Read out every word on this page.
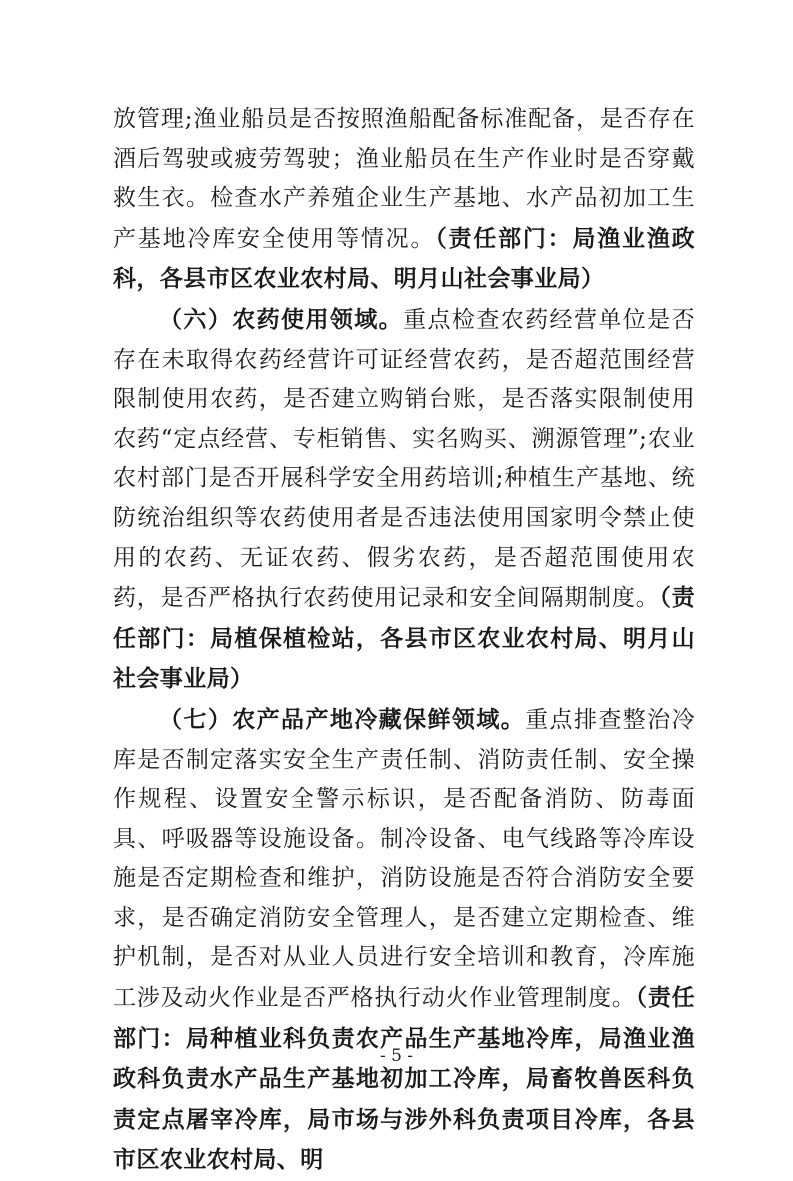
放管理;渔业船员是否按照渔船配备标准配备，是否存在酒后驾驶或疲劳驾驶；渔业船员在生产作业时是否穿戴救生衣。检查水产养殖企业生产基地、水产品初加工生产基地冷库安全使用等情况。（责任部门：局渔业渔政科，各县市区农业农村局、明月山社会事业局）

（六）农药使用领域。重点检查农药经营单位是否存在未取得农药经营许可证经营农药，是否超范围经营限制使用农药，是否建立购销台账，是否落实限制使用农药“定点经营、专柜销售、实名购买、溯源管理”;农业农村部门是否开展科学安全用药培训;种植生产基地、统防统治组织等农药使用者是否违法使用国家明令禁止使用的农药、无证农药、假劣农药，是否超范围使用农药，是否严格执行农药使用记录和安全间隔期制度。（责任部门：局植保植检站，各县市区农业农村局、明月山社会事业局）

（七）农产品产地冷藏保鲜领域。重点排查整治冷库是否制定落实安全生产责任制、消防责任制、安全操作规程、设置安全警示标识，是否配备消防、防毒面具、呼吸器等设施设备。制冷设备、电气线路等冷库设施是否定期检查和维护，消防设施是否符合消防安全要求，是否确定消防安全管理人，是否建立定期检查、维护机制，是否对从业人员进行安全培训和教育，冷库施工涉及动火作业是否严格执行动火作业管理制度。（责任部门：局种植业科负责农产品生产基地冷库，局渔业渔政科负责水产品生产基地初加工冷库，局畜牧兽医科负责定点屠宰冷库，局市场与涉外科负责项目冷库，各县市区农业农村局、明

- 5 -
